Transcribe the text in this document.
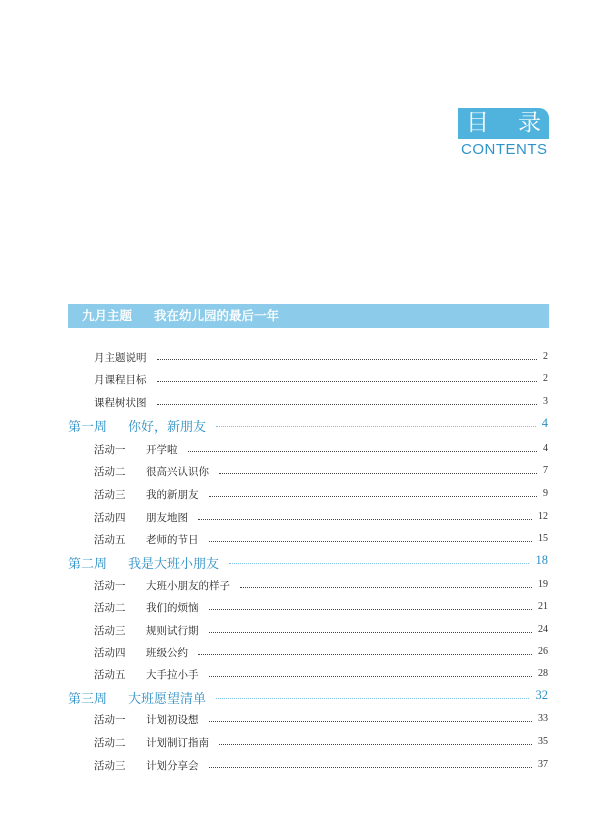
目 录
CONTENTS
九月主题 我在幼儿园的最后一年
月主题说明	2
月课程目标	2
课程树状图	3
第一周 你好，新朋友	4
活动一 开学啦	4
活动二 很高兴认识你	7
活动三 我的新朋友	9
活动四 朋友地图	12
活动五 老师的节日	15
第二周 我是大班小朋友	18
活动一 大班小朋友的样子	19
活动二 我们的烦恼	21
活动三 规则试行期	24
活动四 班级公约	26
活动五 大手拉小手	28
第三周 大班愿望清单	32
活动一 计划初设想	33
活动二 计划制订指南	35
活动三 计划分享会	37
